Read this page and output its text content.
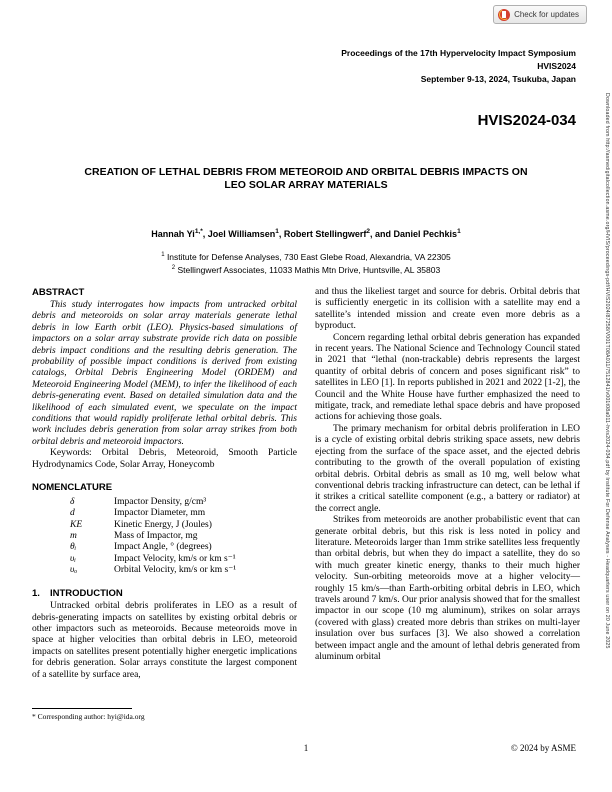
Check for updates
Proceedings of the 17th Hypervelocity Impact Symposium
HVIS2024
September 9-13, 2024, Tsukuba, Japan
HVIS2024-034
CREATION OF LETHAL DEBRIS FROM METEOROID AND ORBITAL DEBRIS IMPACTS ON
LEO SOLAR ARRAY MATERIALS
Hannah $Yi^{1,*}$, Joel Williamsen$^1$, Robert Stellingwerf$^2$, and Daniel Pechkis$^1$
$^1$ Institute for Defense Analyses, 730 East Glebe Road, Alexandria, VA 22305
$^2$ Stellingwerf Associates, 11033 Mathis Mtn Drive, Huntsville, AL 35803
ABSTRACT

This study interrogates how impacts from untracked orbital debris and meteoroids on solar array materials generate lethal debris in low Earth orbit (LEO). Physics-based simulations of impactors on a solar array substrate provide rich data on possible debris impact conditions and the resulting debris generation. The probability of possible impact conditions is derived from existing catalogs, Orbital Debris Engineering Model (ORDEM) and Meteoroid Engineering Model (MEM), to infer the likelihood of each debris-generating event. Based on detailed simulation data and the likelihood of each simulated event, we speculate on the impact conditions that would rapidly proliferate lethal orbital debris. This work includes debris generation from solar array strikes from both orbital debris and meteoroid impactors.

Keywords: Orbital Debris, Meteoroid, Smooth Particle Hydrodynamics Code, Solar Array, Honeycomb

NOMENCLATURE
δ	Impactor Density, g/cm³
d	Impactor Diameter, mm
KE	Kinetic Energy, J (Joules)
m	Mass of Impactor, mg
θᵢ	Impact Angle, ° (degrees)
υᵢ	Impact Velocity, km/s or km s⁻¹
υₒ	Orbital Velocity, km/s or km s⁻¹
1. INTRODUCTION

Untracked orbital debris proliferates in LEO as a result of debris-generating impacts on satellites by existing orbital debris or other impactors such as meteoroids. Because meteoroids move in space at higher velocities than orbital debris in LEO, meteoroid impacts on satellites present potentially higher energetic implications for debris generation. Solar arrays constitute the largest component of a satellite by surface area,

and thus the likeliest target and source for debris. Orbital debris that is sufficiently energetic in its collision with a satellite may end a satellite’s intended mission and create even more debris as a byproduct.

Concern regarding lethal orbital debris generation has expanded in recent years. The National Science and Technology Council stated in 2021 that “lethal (non-trackable) debris represents the largest quantity of orbital debris of concern and poses significant risk” to satellites in LEO [1]. In reports published in 2021 and 2022 [1-2], the Council and the White House have further emphasized the need to mitigate, track, and remediate lethal space debris and have proposed actions for achieving those goals.

The primary mechanism for orbital debris proliferation in LEO is a cycle of existing orbital debris striking space assets, new debris ejecting from the surface of the space asset, and the ejected debris contributing to the growth of the overall population of existing orbital debris. Orbital debris as small as 10 mg, well below what conventional debris tracking infrastructure can detect, can be lethal if it strikes a critical satellite component (e.g., a battery or radiator) at the correct angle.

Strikes from meteoroids are another probabilistic event that can generate orbital debris, but this risk is less noted in policy and literature. Meteoroids larger than 1mm strike satellites less frequently than orbital debris, but when they do impact a satellite, they do so with much greater kinetic energy, thanks to their much higher velocity. Sun-orbiting meteoroids move at a higher velocity—roughly 15 km/s—than Earth-orbiting orbital debris in LEO, which travels around 7 km/s. Our prior analysis showed that for the smallest impactor in our scope (10 mg aluminum), strikes on solar arrays (covered with glass) created more debris than strikes on multi-layer insulation over bus surfaces [3]. We also showed a correlation between impact angle and the amount of lethal debris generated from aluminum orbital

* Corresponding author: hyi@ida.org
1	© 2024 by ASME
Downloaded from http://asmedigitalcollection.asme.org/HVIS/proceedings-pdf/HVIS2024/87258/V001T08A011/7512841/v001t08a011-hvis2024-034.pdf by Institute For Defense Analyses - Headquarters user on 20 June 2025
